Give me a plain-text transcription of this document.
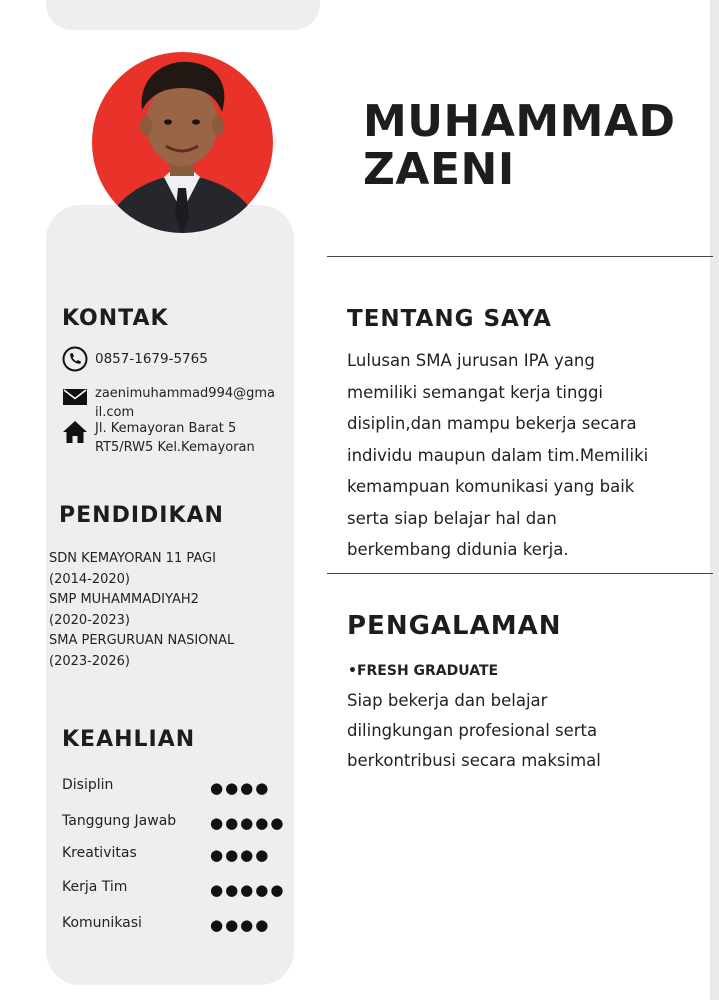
MUHAMMAD
ZAENI
KONTAK
0857-1679-5765
zaenimuhammad994@gma
il.com
Jl. Kemayoran Barat 5
RT5/RW5 Kel.Kemayoran
PENDIDIKAN
SDN KEMAYORAN 11 PAGI
(2014-2020)
SMP MUHAMMADIYAH2
(2020-2023)
SMA PERGURUAN NASIONAL
(2023-2026)
KEAHLIAN
Disiplin	●●●●
Tanggung Jawab ●●●●●
Kreativitas	●●●●
Kerja Tim	●●●●●
Komunikasi	●●●●
TENTANG SAYA
Lulusan SMA jurusan IPA yang
memiliki semangat kerja tinggi
disiplin,dan mampu bekerja secara
individu maupun dalam tim.Memiliki
kemampuan komunikasi yang baik
serta siap belajar hal dan
berkembang didunia kerja.
PENGALAMAN
•FRESH GRADUATE
Siap bekerja dan belajar
dilingkungan profesional serta
berkontribusi secara maksimal
